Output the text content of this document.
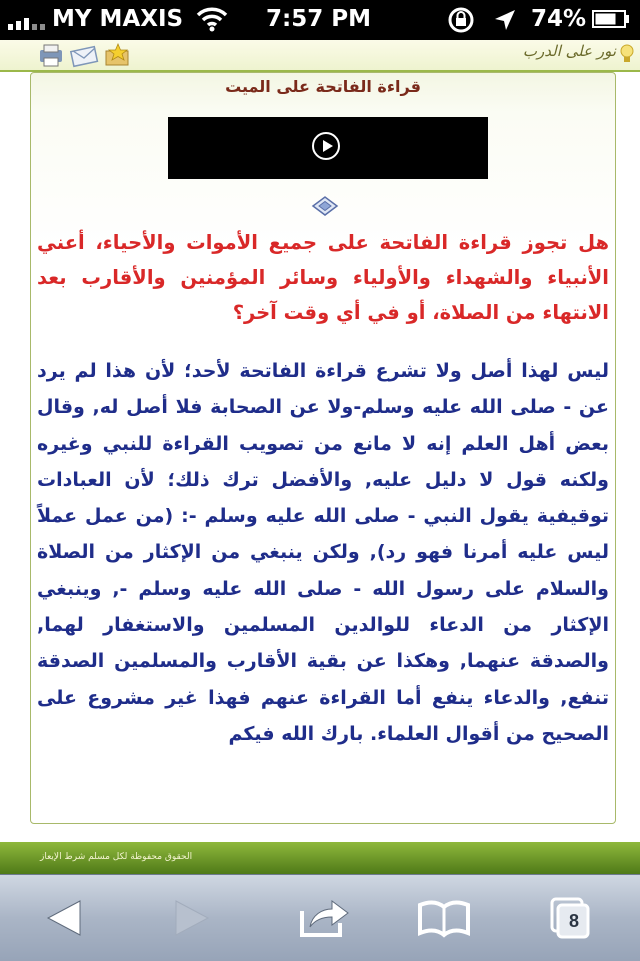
MY MAXIS	7:57 PM	74%
نور على الدرب
قراءة الفاتحة على الميت

هل تجوز قراءة الفاتحة على جميع الأموات والأحياء، أعني الأنبياء والشهداء والأولياء وسائر المؤمنين والأقارب بعد الانتهاء من الصلاة، أو في أي وقت آخر؟

ليس لهذا أصل ولا تشرع قراءة الفاتحة لأحد؛ لأن هذا لم يرد عن - صلى الله عليه وسلم-ولا عن الصحابة فلا أصل له, وقال بعض أهل العلم إنه لا مانع من تصويب القراءة للنبي وغيره ولكنه قول لا دليل عليه, والأفضل ترك ذلك؛ لأن العبادات توقيفية يقول النبي - صلى الله عليه وسلم -: (من عمل عملاً ليس عليه أمرنا فهو رد), ولكن ينبغي من الإكثار من الصلاة والسلام على رسول الله - صلى الله عليه وسلم -, وينبغي الإكثار من الدعاء للوالدين المسلمين والاستغفار لهما, والصدقة عنهما, وهكذا عن بقية الأقارب والمسلمين الصدقة تنفع, والدعاء ينفع أما القراءة عنهم فهذا غير مشروع على الصحيح من أقوال العلماء. بارك الله فيكم

الحقوق محفوظة لكل مسلم شرط الإيعاز
8
